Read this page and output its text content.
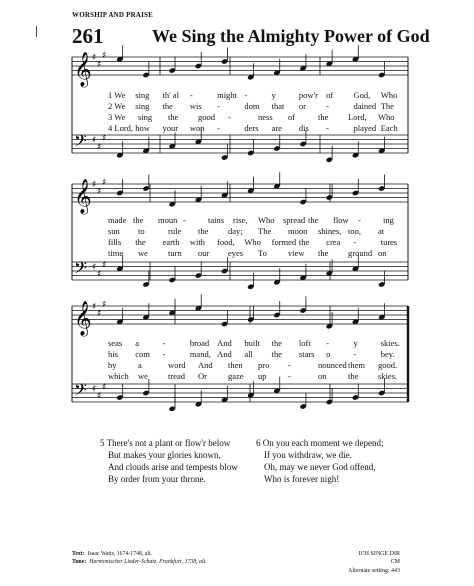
WORSHIP AND PRAISE
261	We Sing the Almighty Power of God
𝄞 ♯
♯
♯
𝄢 ♯
♯
♯
1 We sing th' al -	might -	y	pow'r of God, Who
2 We sing the wis -	dom that or -	dained The
3 We sing the good -	ness of	the Lord, Who
4 Lord, how your won -	ders are dis -	played Each
𝄞 ♯
♯
♯
𝄢 ♯
♯
♯
made the moun -	tains rise, Who spread the flow -	ing
sun to	rule the day; The moon shines, too, at
fills the earth with food, Who formed the crea -	tures
time we turn our eyes To view the ground on
𝄞 ♯
♯
♯
𝄢 ♯
♯
♯
seas a	-	broad And built the loft -	y	skies.
his com -	mand, And all the stars o	-	bey.
by	a	word And then pro -	nounced them good.
which we tread Or gaze up	-	on	the skies.
5 There's not a plant or flow'r below
But makes your glories known,
And clouds arise and tempests blow
By order from your throne.
6 On you each moment we depend;
If you withdraw, we die.
Oh, may we never God offend,
Who is forever nigh!
Text: Isaac Watts, 1674-1748, alt.
Tune: Harmonischer Lieder-Schatz, Frankfurt, 1738, alt.
ICH SINGE DIR
CM
Alternate setting: 443
